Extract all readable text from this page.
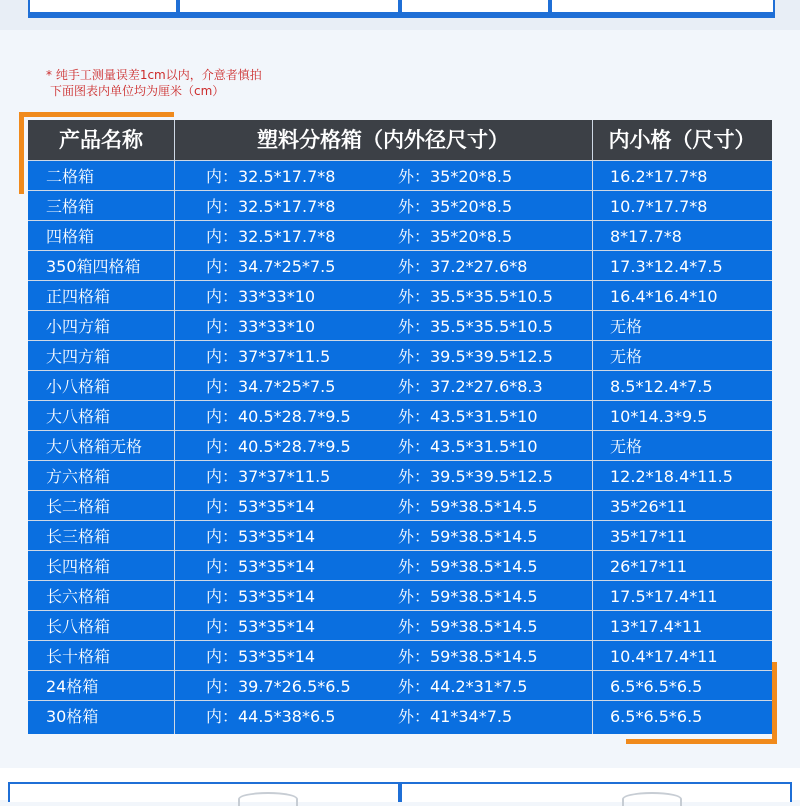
* 纯手工测量误差1cm以内，介意者慎拍
下面图表内单位均为厘米（cm）
产品名称	塑料分格箱（内外径尺寸）	内小格（尺寸）
二格箱	内：32.5*17.7*8	外：35*20*8.5	16.2*17.7*8
三格箱	内：32.5*17.7*8	外：35*20*8.5	10.7*17.7*8
四格箱	内：32.5*17.7*8	外：35*20*8.5	8*17.7*8
350箱四格箱	内：34.7*25*7.5	外：37.2*27.6*8	17.3*12.4*7.5
正四格箱	内：33*33*10	外：35.5*35.5*10.5	16.4*16.4*10
小四方箱	内：33*33*10	外：35.5*35.5*10.5	无格
大四方箱	内：37*37*11.5	外：39.5*39.5*12.5	无格
小八格箱	内：34.7*25*7.5	外：37.2*27.6*8.3	8.5*12.4*7.5
大八格箱	内：40.5*28.7*9.5	外：43.5*31.5*10	10*14.3*9.5
大八格箱无格	内：40.5*28.7*9.5	外：43.5*31.5*10	无格
方六格箱	内：37*37*11.5	外：39.5*39.5*12.5	12.2*18.4*11.5
长二格箱	内：53*35*14	外：59*38.5*14.5	35*26*11
长三格箱	内：53*35*14	外：59*38.5*14.5	35*17*11
长四格箱	内：53*35*14	外：59*38.5*14.5	26*17*11
长六格箱	内：53*35*14	外：59*38.5*14.5	17.5*17.4*11
长八格箱	内：53*35*14	外：59*38.5*14.5	13*17.4*11
长十格箱	内：53*35*14	外：59*38.5*14.5	10.4*17.4*11
24格箱	内：39.7*26.5*6.5	外：44.2*31*7.5	6.5*6.5*6.5
30格箱	内：44.5*38*6.5	外：41*34*7.5	6.5*6.5*6.5
